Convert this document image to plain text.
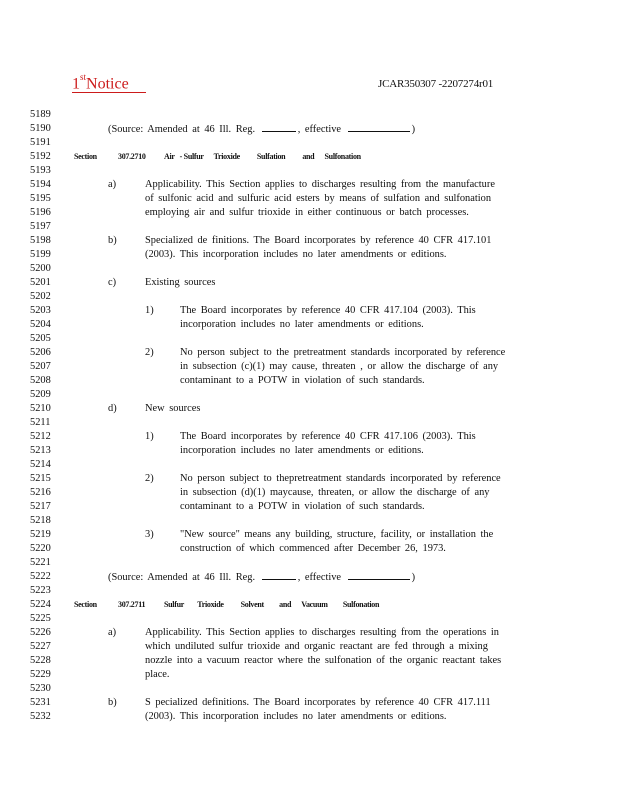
1stNotice	JCAR350307 -2207274r01
5189
5190	(Source: Amended at 46 Ill. Reg.	, effective	)
5191
5192	Section	307.2710 Air   - Sulfur      Trioxide          Sulfation          and      Sulfonation
5193
5194	a)	Applicability. This Section applies to discharges resulting from the manufacture
5195	of sulfonic acid and sulfuric acid esters by means of sulfation and sulfonation
5196	employing air and sulfur trioxide in either continuous or batch processes.
5197
5198	b)	Specialized de finitions. The Board incorporates by reference 40 CFR 417.101
5199	(2003). This incorporation includes no later amendments or editions.
5200
5201	c)	Existing sources
5202
5203	1)	The Board incorporates by reference 40 CFR 417.104 (2003). This
5204	incorporation includes no later amendments or editions.
5205
5206	2)	No person subject to the pretreatment standards incorporated by reference
5207	in subsection (c)(1) may cause, threaten , or allow the discharge of any
5208	contaminant to a POTW in violation of such standards.
5209
5210	d)	New sources
5211
5212	1)	The Board incorporates by reference 40 CFR 417.106 (2003). This
5213	incorporation includes no later amendments or editions.
5214
5215	2)	No person subject to thepretreatment standards incorporated by reference
5216	in subsection (d)(1) maycause, threaten, or allow the discharge of any
5217	contaminant to a POTW in violation of such standards.
5218
5219	3)	"New source" means any building, structure, facility, or installation the
5220	construction of which commenced after December 26, 1973.
5221
5222	(Source: Amended at 46 Ill. Reg.	, effective	)
5223
5224	Section	307.2711 Sulfur        Trioxide          Solvent         and      Vacuum         Sulfonation
5225
5226	a)	Applicability. This Section applies to discharges resulting from the operations in
5227	which undiluted sulfur trioxide and organic reactant are fed through a mixing
5228	nozzle into a vacuum reactor where the sulfonation of the organic reactant takes
5229	place.
5230
5231	b)	S pecialized definitions. The Board incorporates by reference 40 CFR 417.111
5232	(2003). This incorporation includes no later amendments or editions.
